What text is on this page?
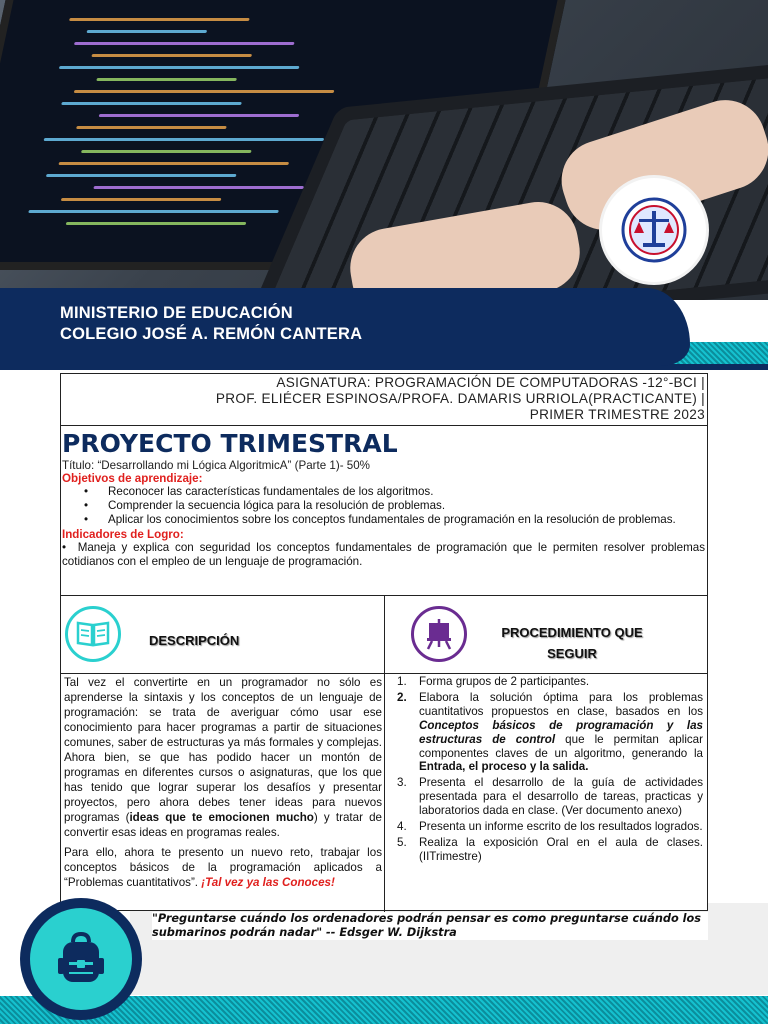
MINISTERIO DE EDUCACIÓN
COLEGIO JOSÉ A. REMÓN CANTERA
ASIGNATURA: PROGRAMACIÓN DE COMPUTADORAS -12°-BCI |
PROF. ELIÉCER ESPINOSA/PROFA. DAMARIS URRIOLA(PRACTICANTE) |
PRIMER TRIMESTRE 2023
PROYECTO TRIMESTRAL
Título: “Desarrollando mi Lógica AlgoritmicA” (Parte 1)- 50%
Objetivos de aprendizaje:
• Reconocer las características fundamentales de los algoritmos.
• Comprender la secuencia lógica para la resolución de problemas.
• Aplicar los conocimientos sobre los conceptos fundamentales de programación en la resolución de problemas.
Indicadores de Logro:
•  Maneja y explica con seguridad los conceptos fundamentales de programación que le permiten resolver problemas cotidianos con el empleo de un lenguaje de programación.
DESCRIPCIÓN

Tal vez el convertirte en un programador no sólo es aprenderse la sintaxis y los conceptos de un lenguaje de programación: se trata de averiguar cómo usar ese conocimiento para hacer programas a partir de situaciones comunes, saber de estructuras ya más formales y complejas. Ahora bien, se que has podido hacer un montón de programas en diferentes cursos o asignaturas, que los que has tenido que lograr superar los desafíos y presentar proyectos, pero ahora debes tener ideas para nuevos programas (ideas que te emocionen mucho) y tratar de convertir esas ideas en programas reales.

Para ello, ahora te presento un nuevo reto, trabajar los conceptos básicos de la programación aplicados a “Problemas cuantitativos”. ¡Tal vez ya las Conoces!

PROCEDIMIENTO QUE
SEGUIR
1. Forma grupos de 2 participantes.
2. Elabora la solución óptima para los problemas cuantitativos propuestos en clase, basados en los Conceptos básicos de programación y las estructuras de control que le permitan aplicar componentes claves de un algoritmo, generando la Entrada, el proceso y la salida.
3. Presenta el desarrollo de la guía de actividades presentada para el desarrollo de tareas, practicas y laboratorios dada en clase. (Ver documento anexo)
4. Presenta un informe escrito de los resultados logrados.
5. Realiza la exposición Oral en el aula de clases. (IITrimestre)
"Preguntarse cuándo los ordenadores podrán pensar es como preguntarse cuándo los submarinos podrán nadar" -- Edsger W. Dijkstra
